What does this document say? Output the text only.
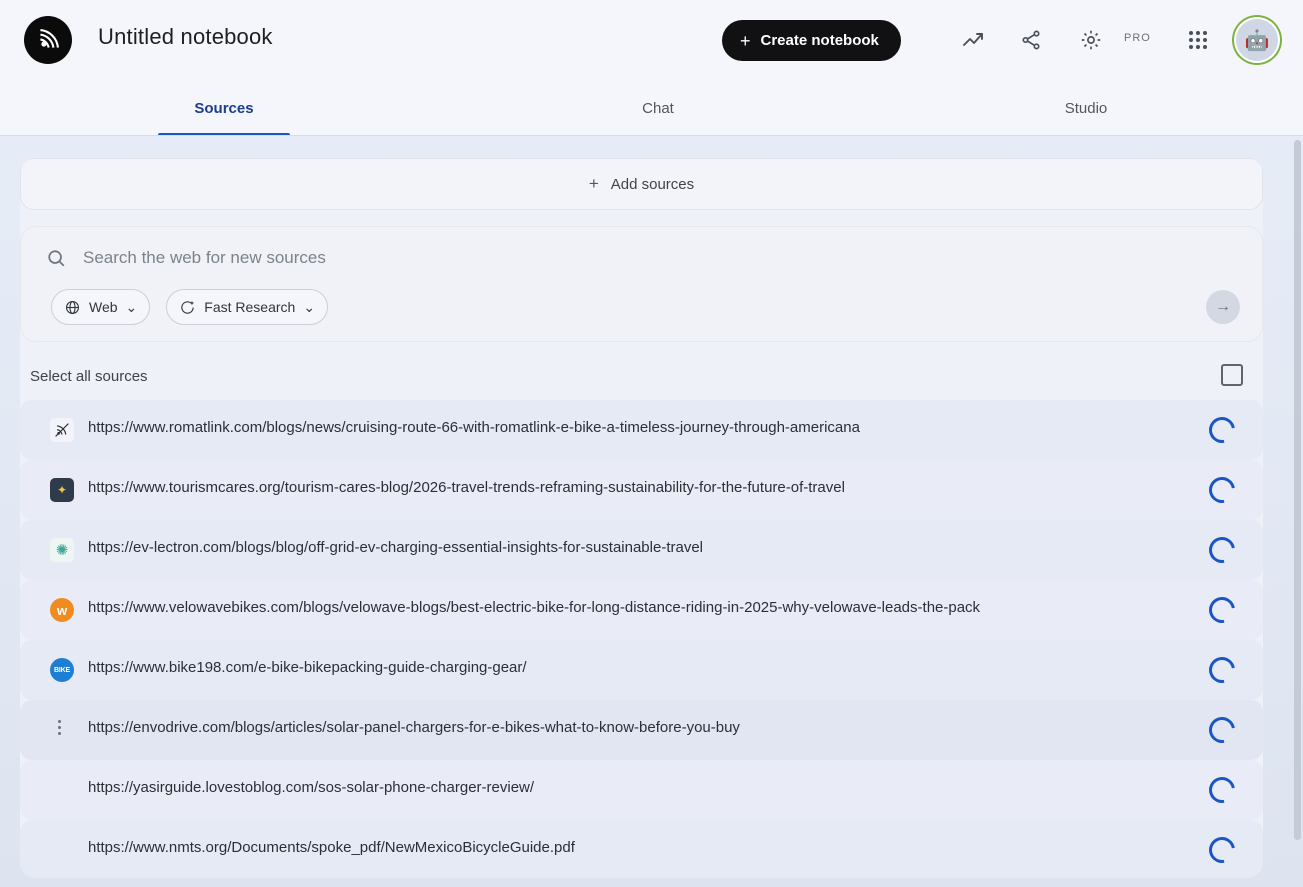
Untitled notebook	+ Create notebook	PRO	🤖
Sources	Chat	Studio
+ Add sources
Search the web for new sources
Web ⌄	Fast Research ⌄	→
Select all sources
https://www.romatlink.com/blogs/news/cruising-route-66-with-romatlink-e-bike-a-timeless-journey-through-americana
✦ https://www.tourismcares.org/tourism-cares-blog/2026-travel-trends-reframing-sustainability-for-the-future-of-travel
✺ https://ev-lectron.com/blogs/blog/off-grid-ev-charging-essential-insights-for-sustainable-travel
w https://www.velowavebikes.com/blogs/velowave-blogs/best-electric-bike-for-long-distance-riding-in-2025-why-velowave-leads-the-pack
BIKE https://www.bike198.com/e-bike-bikepacking-guide-charging-gear/
https://envodrive.com/blogs/articles/solar-panel-chargers-for-e-bikes-what-to-know-before-you-buy
https://yasirguide.lovestoblog.com/sos-solar-phone-charger-review/
https://www.nmts.org/Documents/spoke_pdf/NewMexicoBicycleGuide.pdf
